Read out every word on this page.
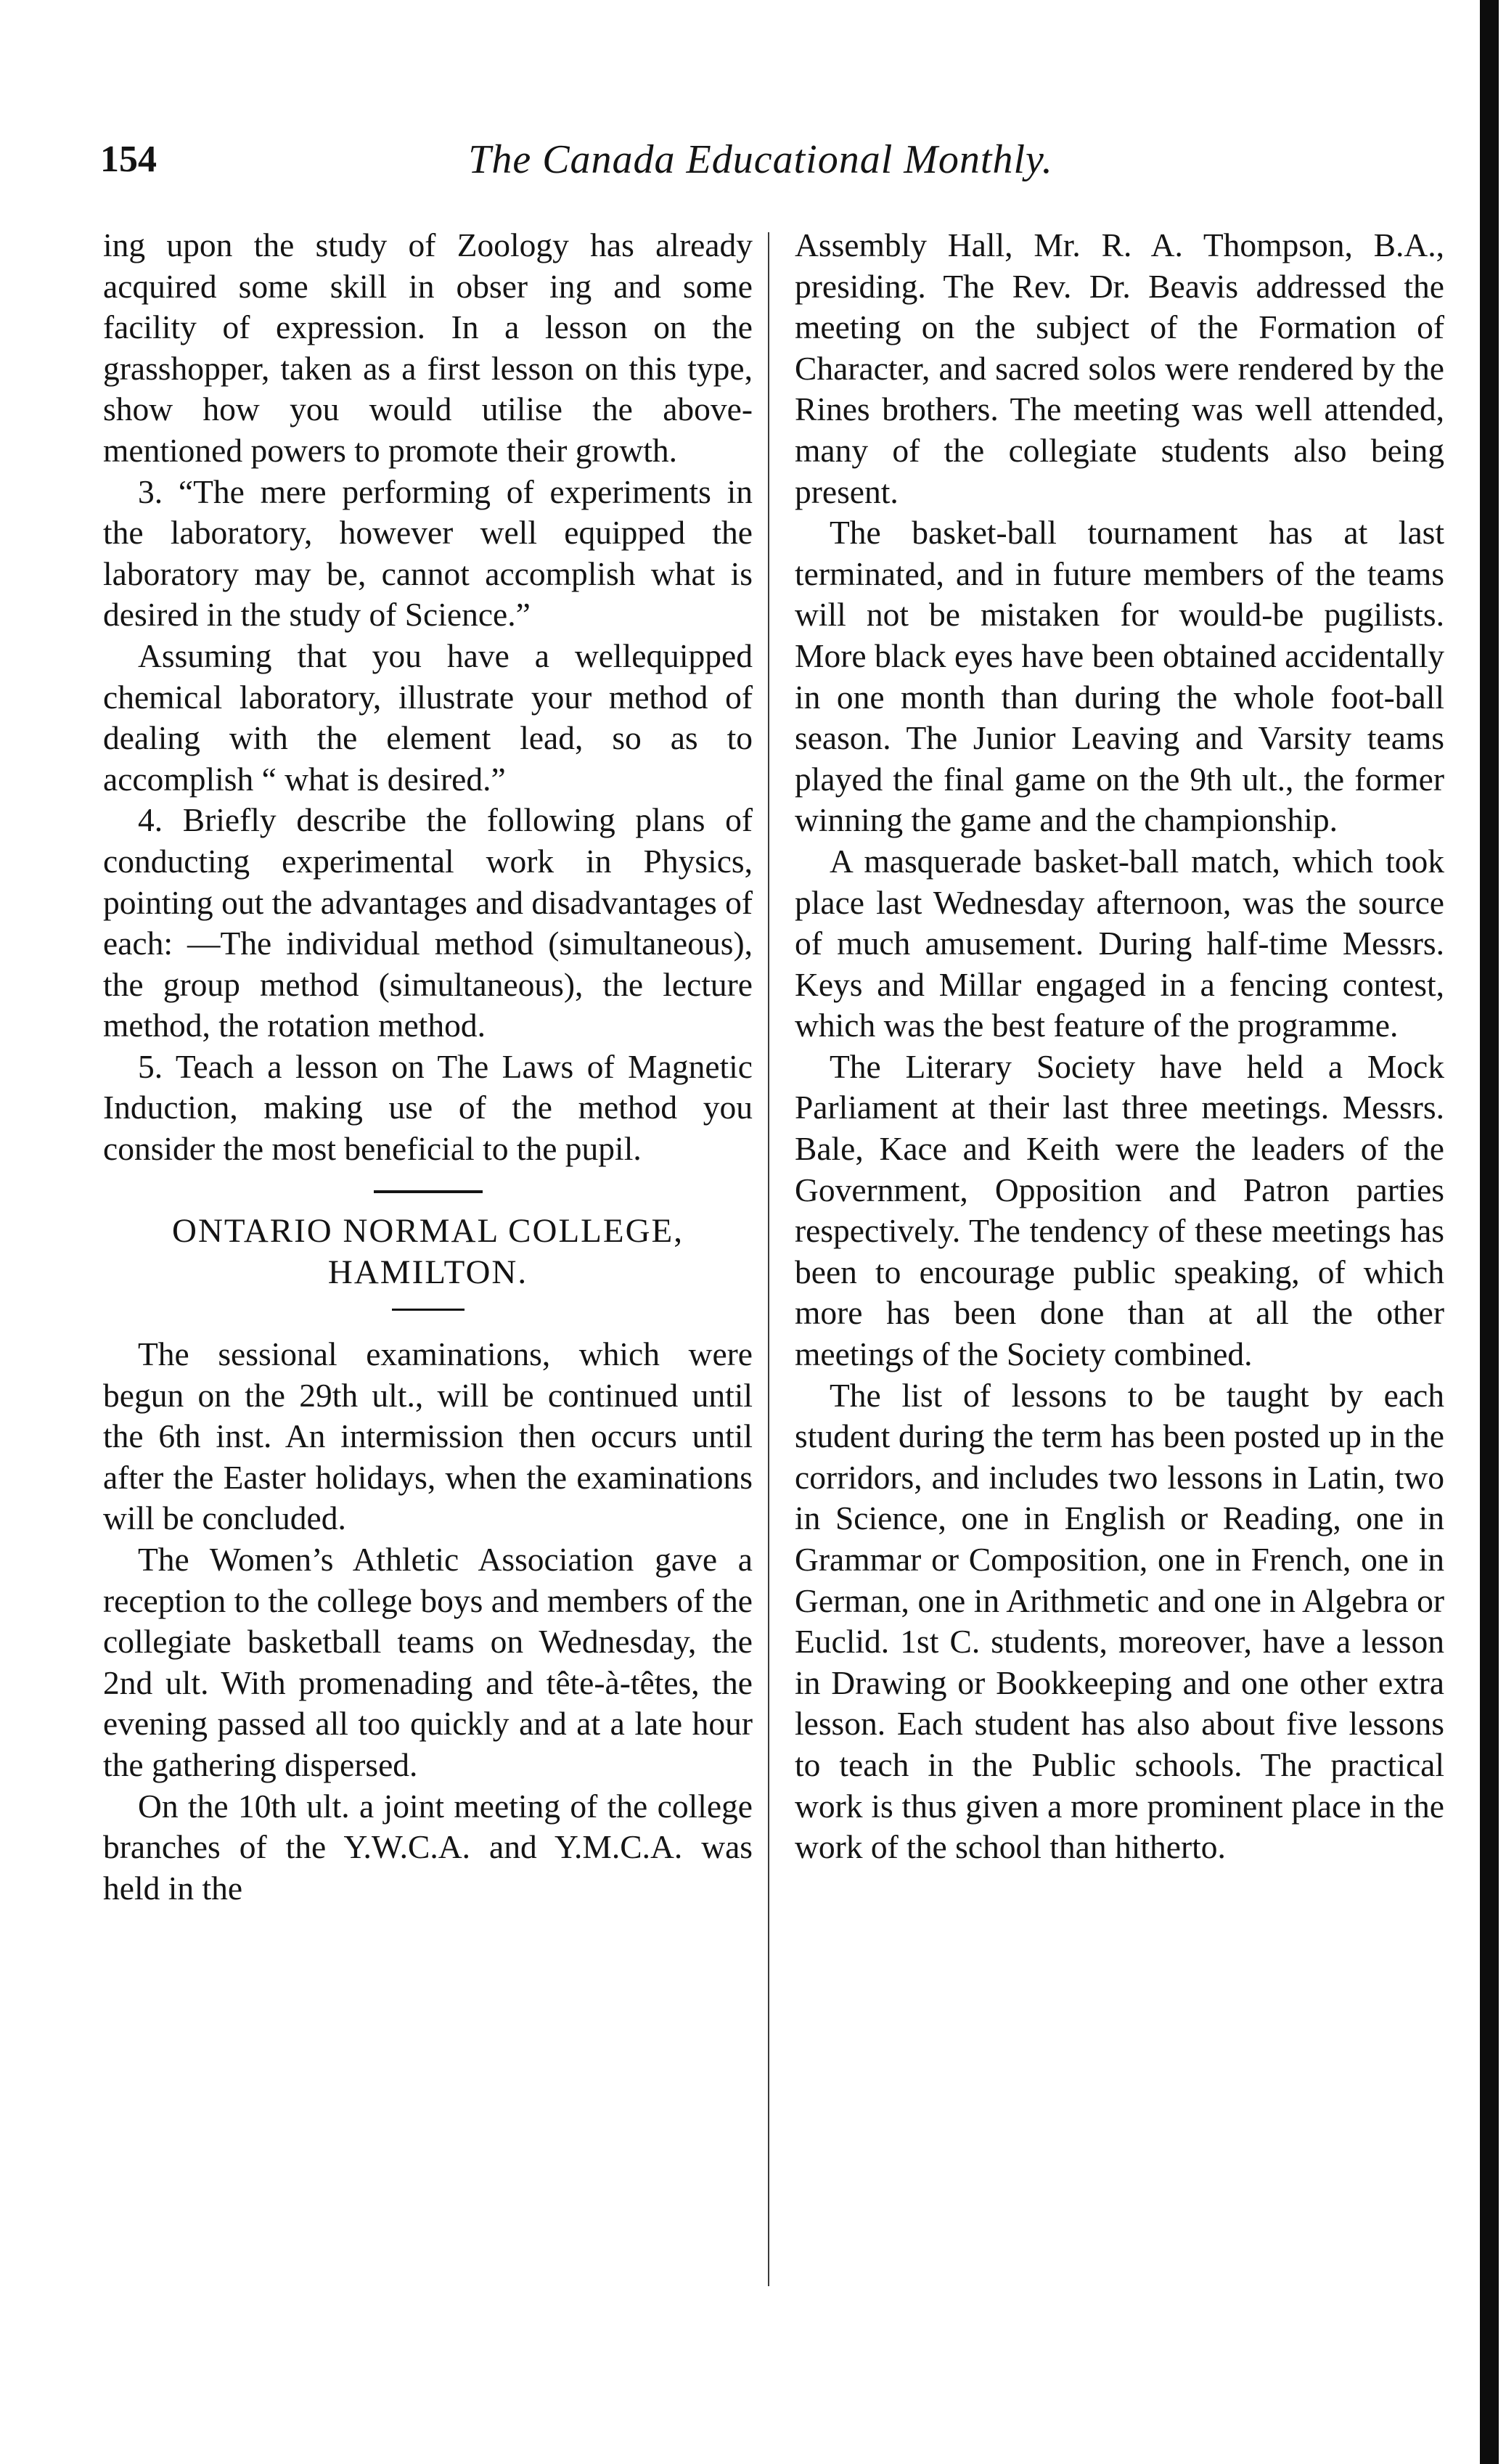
154	The Canada Educational Monthly.

ing upon the study of Zoology has already acquired some skill in obser ing and some facility of expression. In a lesson on the grasshopper, taken as a first lesson on this type, show how you would utilise the above mentioned powers to promote their growth.

3. “The mere performing of experiments in the laboratory, however well equipped the laboratory may be, cannot accomplish what is desired in the study of Science.”

Assuming that you have a wellequipped chemical laboratory, illustrate your method of dealing with the element lead, so as to accomplish “ what is desired.”

4. Briefly describe the following plans of conducting experimental work in Physics, pointing out the advantages and disadvantages of each: —The individual method (simultaneous), the group method (simultaneous), the lecture method, the rotation method.

5. Teach a lesson on The Laws of Magnetic Induction, making use of the method you consider the most beneficial to the pupil.

ONTARIO NORMAL COLLEGE,
HAMILTON.

The sessional examinations, which were begun on the 29th ult., will be continued until the 6th inst. An intermission then occurs until after the Easter holidays, when the examinations will be concluded.

The Women’s Athletic Association gave a reception to the college boys and members of the collegiate basketball teams on Wednesday, the 2nd ult. With promenading and tête-à-têtes, the evening passed all too quickly and at a late hour the gathering dispersed.

On the 10th ult. a joint meeting of the college branches of the Y.W.C.A. and Y.M.C.A. was held in the

Assembly Hall, Mr. R. A. Thompson, B.A., presiding. The Rev. Dr. Beavis addressed the meeting on the subject of the Formation of Character, and sacred solos were rendered by the Rines brothers. The meeting was well attended, many of the collegiate students also being present.

The basket-ball tournament has at last terminated, and in future members of the teams will not be mistaken for would-be pugilists. More black eyes have been obtained accidentally in one month than during the whole foot-ball season. The Junior Leaving and Varsity teams played the final game on the 9th ult., the former winning the game and the championship.

A masquerade basket-ball match, which took place last Wednesday afternoon, was the source of much amusement. During half-time Messrs. Keys and Millar engaged in a fencing contest, which was the best feature of the programme.

The Literary Society have held a Mock Parliament at their last three meetings. Messrs. Bale, Kace and Keith were the leaders of the Government, Opposition and Patron parties respectively. The tendency of these meetings has been to encourage public speaking, of which more has been done than at all the other meetings of the Society combined.

The list of lessons to be taught by each student during the term has been posted up in the corridors, and includes two lessons in Latin, two in Science, one in English or Reading, one in Grammar or Composition, one in French, one in German, one in Arithmetic and one in Algebra or Euclid. 1st C. students, moreover, have a lesson in Drawing or Bookkeeping and one other extra lesson. Each student has also about five lessons to teach in the Public schools. The practical work is thus given a more prominent place in the work of the school than hitherto.
